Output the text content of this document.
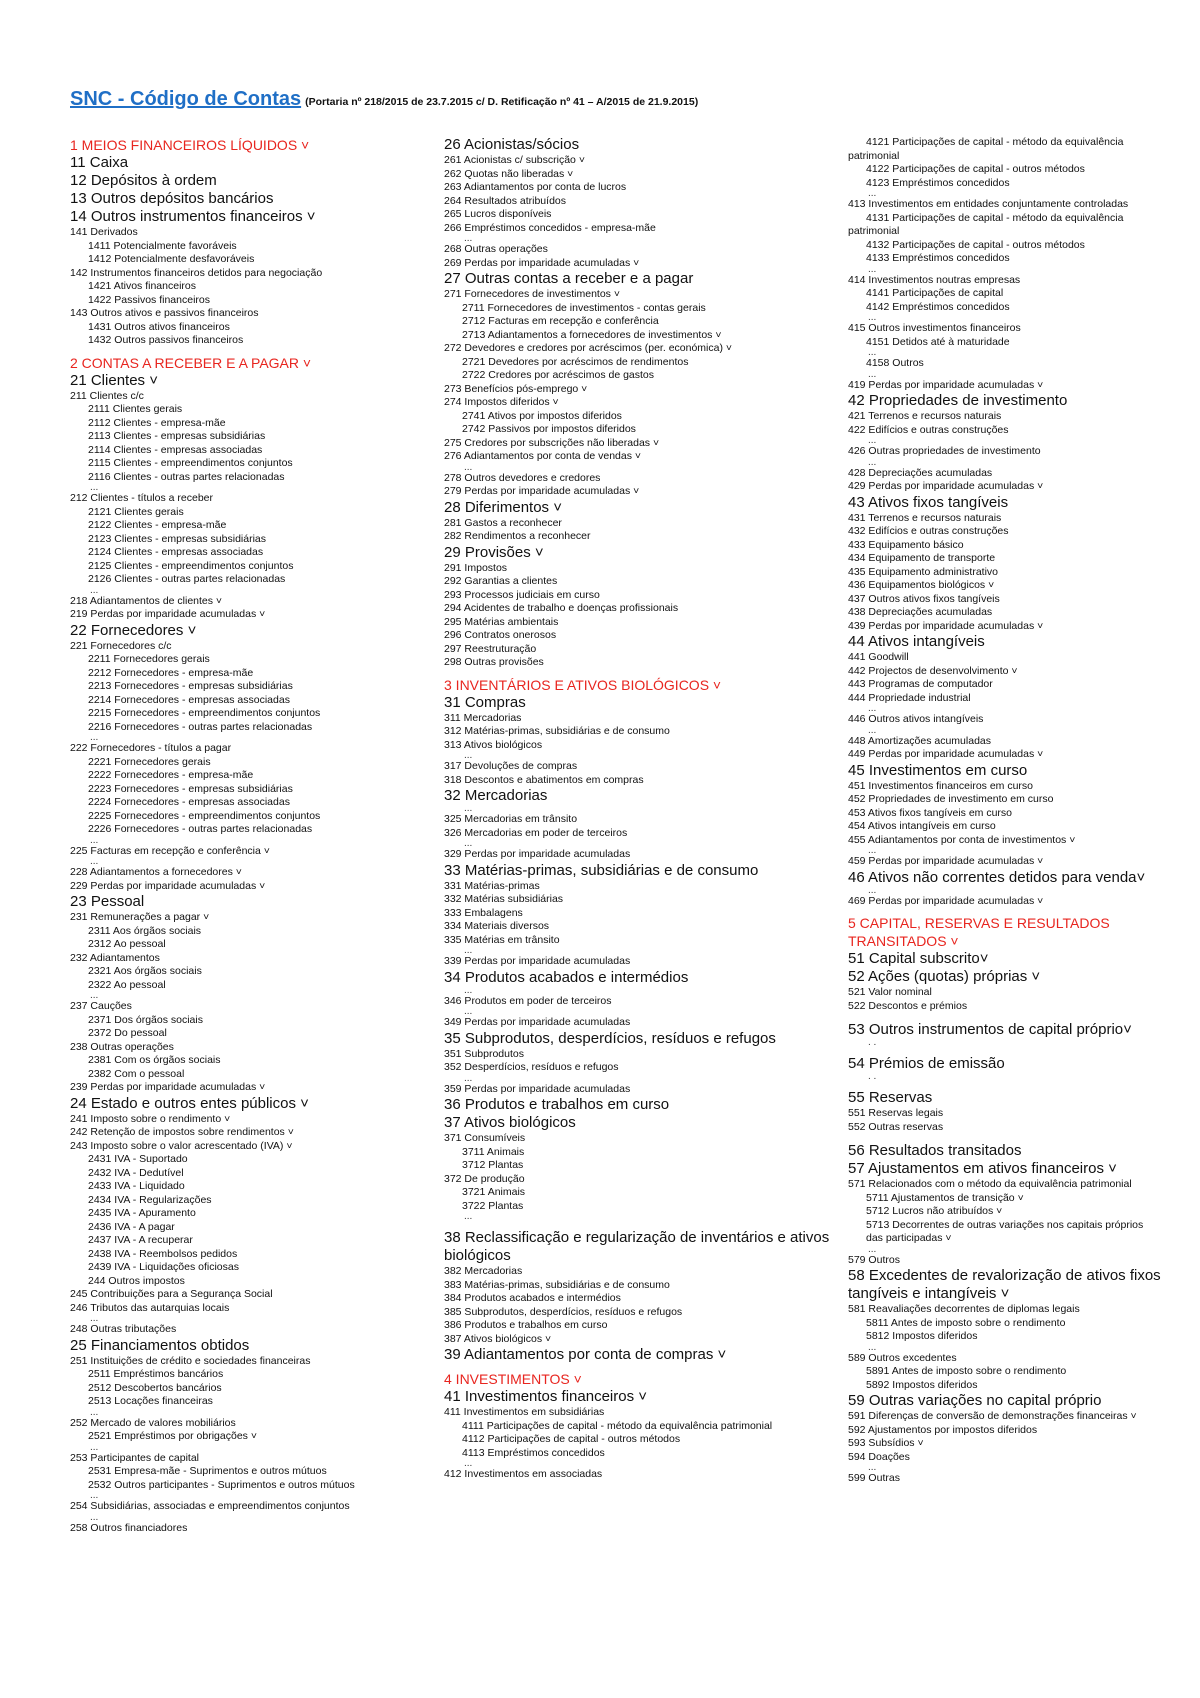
SNC - Código de Contas (Portaria nº 218/2015 de 23.7.2015 c/ D. Retificação nº 41 – A/2015 de 21.9.2015)
1 MEIOS FINANCEIROS LÍQUIDOS ˅
11 Caixa
12 Depósitos à ordem
13 Outros depósitos bancários
14 Outros instrumentos financeiros ˅
141 Derivados
1411 Potencialmente favoráveis
1412 Potencialmente desfavoráveis
142 Instrumentos financeiros detidos para negociação
1421 Ativos financeiros
1422 Passivos financeiros
143 Outros ativos e passivos financeiros
1431 Outros ativos financeiros
1432 Outros passivos financeiros
2 CONTAS A RECEBER E A PAGAR ˅
21 Clientes ˅
211 Clientes c/c
2111 Clientes gerais
2112 Clientes - empresa-mãe
2113 Clientes - empresas subsidiárias
2114 Clientes - empresas associadas
2115 Clientes - empreendimentos conjuntos
2116 Clientes - outras partes relacionadas
...
212 Clientes - títulos a receber
2121 Clientes gerais
2122 Clientes - empresa-mãe
2123 Clientes - empresas subsidiárias
2124 Clientes - empresas associadas
2125 Clientes - empreendimentos conjuntos
2126 Clientes - outras partes relacionadas
...
218 Adiantamentos de clientes ˅
219 Perdas por imparidade acumuladas ˅
22 Fornecedores ˅
221 Fornecedores c/c
2211 Fornecedores gerais
2212 Fornecedores - empresa-mãe
2213 Fornecedores - empresas subsidiárias
2214 Fornecedores - empresas associadas
2215 Fornecedores - empreendimentos conjuntos
2216 Fornecedores - outras partes relacionadas
...
222 Fornecedores - títulos a pagar
2221 Fornecedores gerais
2222 Fornecedores - empresa-mãe
2223 Fornecedores - empresas subsidiárias
2224 Fornecedores - empresas associadas
2225 Fornecedores - empreendimentos conjuntos
2226 Fornecedores - outras partes relacionadas
...
225 Facturas em recepção e conferência ˅
...
228 Adiantamentos a fornecedores ˅
229 Perdas por imparidade acumuladas ˅
23 Pessoal
231 Remunerações a pagar ˅
2311 Aos órgãos sociais
2312 Ao pessoal
232 Adiantamentos
2321 Aos órgãos sociais
2322 Ao pessoal
...
237 Cauções
2371 Dos órgãos sociais
2372 Do pessoal
238 Outras operações
2381 Com os órgãos sociais
2382 Com o pessoal
239 Perdas por imparidade acumuladas ˅
24 Estado e outros entes públicos ˅
241 Imposto sobre o rendimento ˅
242 Retenção de impostos sobre rendimentos ˅
243 Imposto sobre o valor acrescentado (IVA) ˅
2431 IVA - Suportado
2432 IVA - Dedutível
2433 IVA - Liquidado
2434 IVA - Regularizações
2435 IVA - Apuramento
2436 IVA - A pagar
2437 IVA - A recuperar
2438 IVA - Reembolsos pedidos
2439 IVA - Liquidações oficiosas
244 Outros impostos
245 Contribuições para a Segurança Social
246 Tributos das autarquias locais
...
248 Outras tributações
25 Financiamentos obtidos
251 Instituições de crédito e sociedades financeiras
2511 Empréstimos bancários
2512 Descobertos bancários
2513 Locações financeiras
...
252 Mercado de valores mobiliários
2521 Empréstimos por obrigações ˅
...
253 Participantes de capital
2531 Empresa-mãe - Suprimentos e outros mútuos
2532 Outros participantes - Suprimentos e outros mútuos
...
254 Subsidiárias, associadas e empreendimentos conjuntos
...
258 Outros financiadores
26 Acionistas/sócios
261 Acionistas c/ subscrição ˅
262 Quotas não liberadas ˅
263 Adiantamentos por conta de lucros
264 Resultados atribuídos
265 Lucros disponíveis
266 Empréstimos concedidos - empresa-mãe
...
268 Outras operações
269 Perdas por imparidade acumuladas ˅
27 Outras contas a receber e a pagar
271 Fornecedores de investimentos ˅
2711 Fornecedores de investimentos - contas gerais
2712 Facturas em recepção e conferência
2713 Adiantamentos a fornecedores de investimentos ˅
272 Devedores e credores por acréscimos (per. económica) ˅
2721 Devedores por acréscimos de rendimentos
2722 Credores por acréscimos de gastos
273 Benefícios pós-emprego ˅
274 Impostos diferidos ˅
2741 Ativos por impostos diferidos
2742 Passivos por impostos diferidos
275 Credores por subscrições não liberadas ˅
276 Adiantamentos por conta de vendas ˅
...
278 Outros devedores e credores
279 Perdas por imparidade acumuladas ˅
28 Diferimentos ˅
281 Gastos a reconhecer
282 Rendimentos a reconhecer
29 Provisões ˅
291 Impostos
292 Garantias a clientes
293 Processos judiciais em curso
294 Acidentes de trabalho e doenças profissionais
295 Matérias ambientais
296 Contratos onerosos
297 Reestruturação
298 Outras provisões
3 INVENTÁRIOS E ATIVOS BIOLÓGICOS ˅
31 Compras
311 Mercadorias
312 Matérias-primas, subsidiárias e de consumo
313 Ativos biológicos
...
317 Devoluções de compras
318 Descontos e abatimentos em compras
32 Mercadorias
...
325 Mercadorias em trânsito
326 Mercadorias em poder de terceiros
...
329 Perdas por imparidade acumuladas
33 Matérias-primas, subsidiárias e de consumo
331 Matérias-primas
332 Matérias subsidiárias
333 Embalagens
334 Materiais diversos
335 Matérias em trânsito
...
339 Perdas por imparidade acumuladas
34 Produtos acabados e intermédios
...
346 Produtos em poder de terceiros
...
349 Perdas por imparidade acumuladas
35 Subprodutos, desperdícios, resíduos e refugos
351 Subprodutos
352 Desperdícios, resíduos e refugos
...
359 Perdas por imparidade acumuladas
36 Produtos e trabalhos em curso
37 Ativos biológicos
371 Consumíveis
3711 Animais
3712 Plantas
372 De produção
3721 Animais
3722 Plantas
...
38 Reclassificação e regularização de inventários e ativos biológicos
382 Mercadorias
383 Matérias-primas, subsidiárias e de consumo
384 Produtos acabados e intermédios
385 Subprodutos, desperdícios, resíduos e refugos
386 Produtos e trabalhos em curso
387 Ativos biológicos ˅
39 Adiantamentos por conta de compras ˅
4 INVESTIMENTOS ˅
41 Investimentos financeiros ˅
411 Investimentos em subsidiárias
4111 Participações de capital - método da equivalência patrimonial
4112 Participações de capital - outros métodos
4113 Empréstimos concedidos
...
412 Investimentos em associadas
4121 Participações de capital - método da equivalência
patrimonial
4122 Participações de capital - outros métodos
4123 Empréstimos concedidos
...
413 Investimentos em entidades conjuntamente controladas
4131 Participações de capital - método da equivalência
patrimonial
4132 Participações de capital - outros métodos
4133 Empréstimos concedidos
...
414 Investimentos noutras empresas
4141 Participações de capital
4142 Empréstimos concedidos
...
415 Outros investimentos financeiros
4151 Detidos até à maturidade
...
4158 Outros
...
419 Perdas por imparidade acumuladas ˅
42 Propriedades de investimento
421 Terrenos e recursos naturais
422 Edifícios e outras construções
...
426 Outras propriedades de investimento
...
428 Depreciações acumuladas
429 Perdas por imparidade acumuladas ˅
43 Ativos fixos tangíveis
431 Terrenos e recursos naturais
432 Edifícios e outras construções
433 Equipamento básico
434 Equipamento de transporte
435 Equipamento administrativo
436 Equipamentos biológicos ˅
437 Outros ativos fixos tangíveis
438 Depreciações acumuladas
439 Perdas por imparidade acumuladas ˅
44 Ativos intangíveis
441 Goodwill
442 Projectos de desenvolvimento ˅
443 Programas de computador
444 Propriedade industrial
...
446 Outros ativos intangíveis
...
448 Amortizações acumuladas
449 Perdas por imparidade acumuladas ˅
45 Investimentos em curso
451 Investimentos financeiros em curso
452 Propriedades de investimento em curso
453 Ativos fixos tangíveis em curso
454 Ativos intangíveis em curso
455 Adiantamentos por conta de investimentos ˅
...
459 Perdas por imparidade acumuladas ˅
46 Ativos não correntes detidos para venda˅
...
469 Perdas por imparidade acumuladas ˅
5 CAPITAL, RESERVAS E RESULTADOS TRANSITADOS ˅
51 Capital subscrito˅
52 Ações (quotas) próprias ˅
521 Valor nominal
522 Descontos e prémios
53 Outros instrumentos de capital próprio˅
. .
54 Prémios de emissão
. .
55 Reservas
551 Reservas legais
552 Outras reservas
56 Resultados transitados
57 Ajustamentos em ativos financeiros ˅
571 Relacionados com o método da equivalência patrimonial
5711 Ajustamentos de transição ˅
5712 Lucros não atribuídos ˅
5713 Decorrentes de outras variações nos capitais próprios
das participadas ˅
...
579 Outros
58 Excedentes de revalorização de ativos fixos tangíveis e intangíveis ˅
581 Reavaliações decorrentes de diplomas legais
5811 Antes de imposto sobre o rendimento
5812 Impostos diferidos
...
589 Outros excedentes
5891 Antes de imposto sobre o rendimento
5892 Impostos diferidos
59 Outras variações no capital próprio
591 Diferenças de conversão de demonstrações financeiras ˅
592 Ajustamentos por impostos diferidos
593 Subsídios ˅
594 Doações
...
599 Outras
